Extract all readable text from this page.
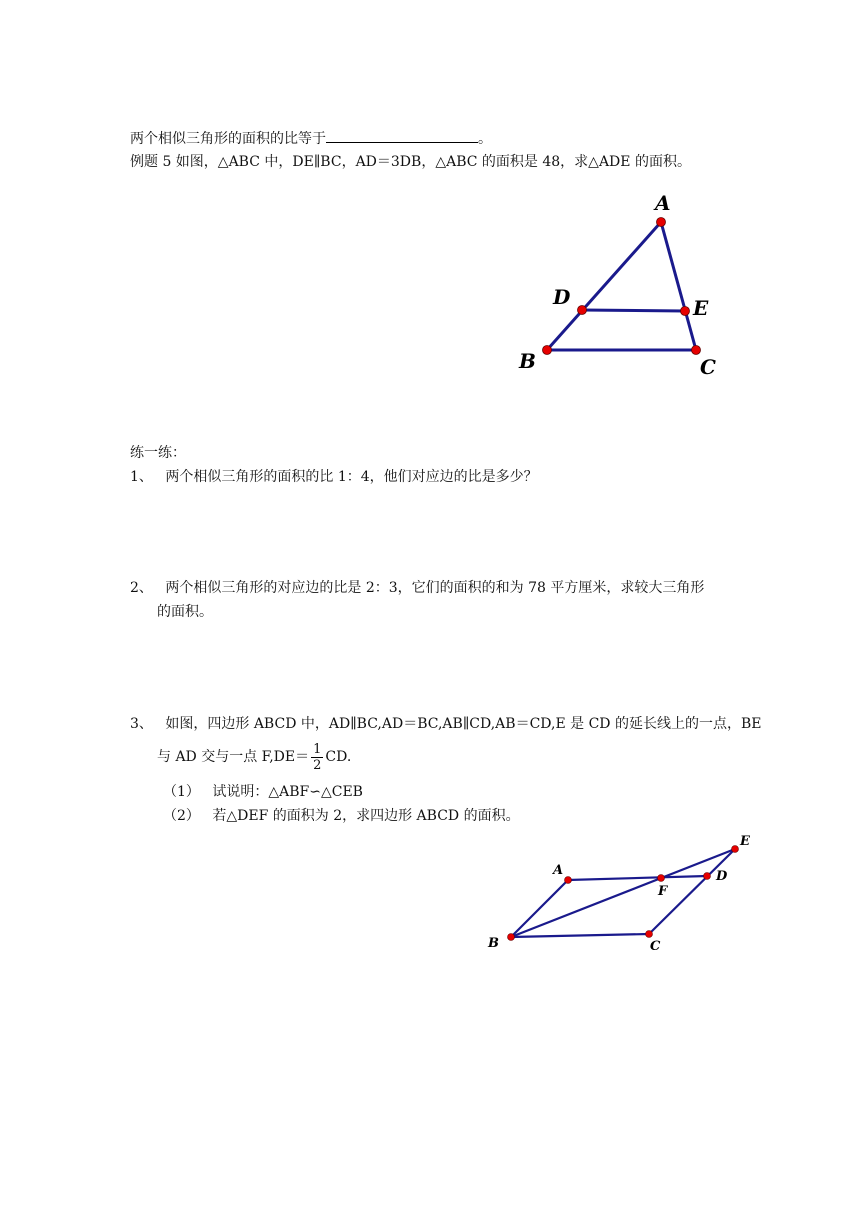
两个相似三角形的面积的比等于	。
例题 5 如图，△ABC 中，DE∥BC，AD＝3DB，△ABC 的面积是 48，求△ADE 的面积。
A
B	C
D	E
练一练：
1、 两个相似三角形的面积的比 1：4，他们对应边的比是多少？
2、 两个相似三角形的对应边的比是 2：3，它们的面积的和为 78 平方厘米，求较大三角形
的面积。
3、 如图，四边形 ABCD 中，AD∥BC,AD＝BC,AB∥CD,AB＝CD,E 是 CD 的延长线上的一点，BE
与 AD 交与一点 $F,DE= \frac{1}{2}$ CD.
（1） 试说明：△ABF∽△CEB
（2） 若△DEF 的面积为 2，求四边形 ABCD 的面积。
A
B	C
D
E
F
